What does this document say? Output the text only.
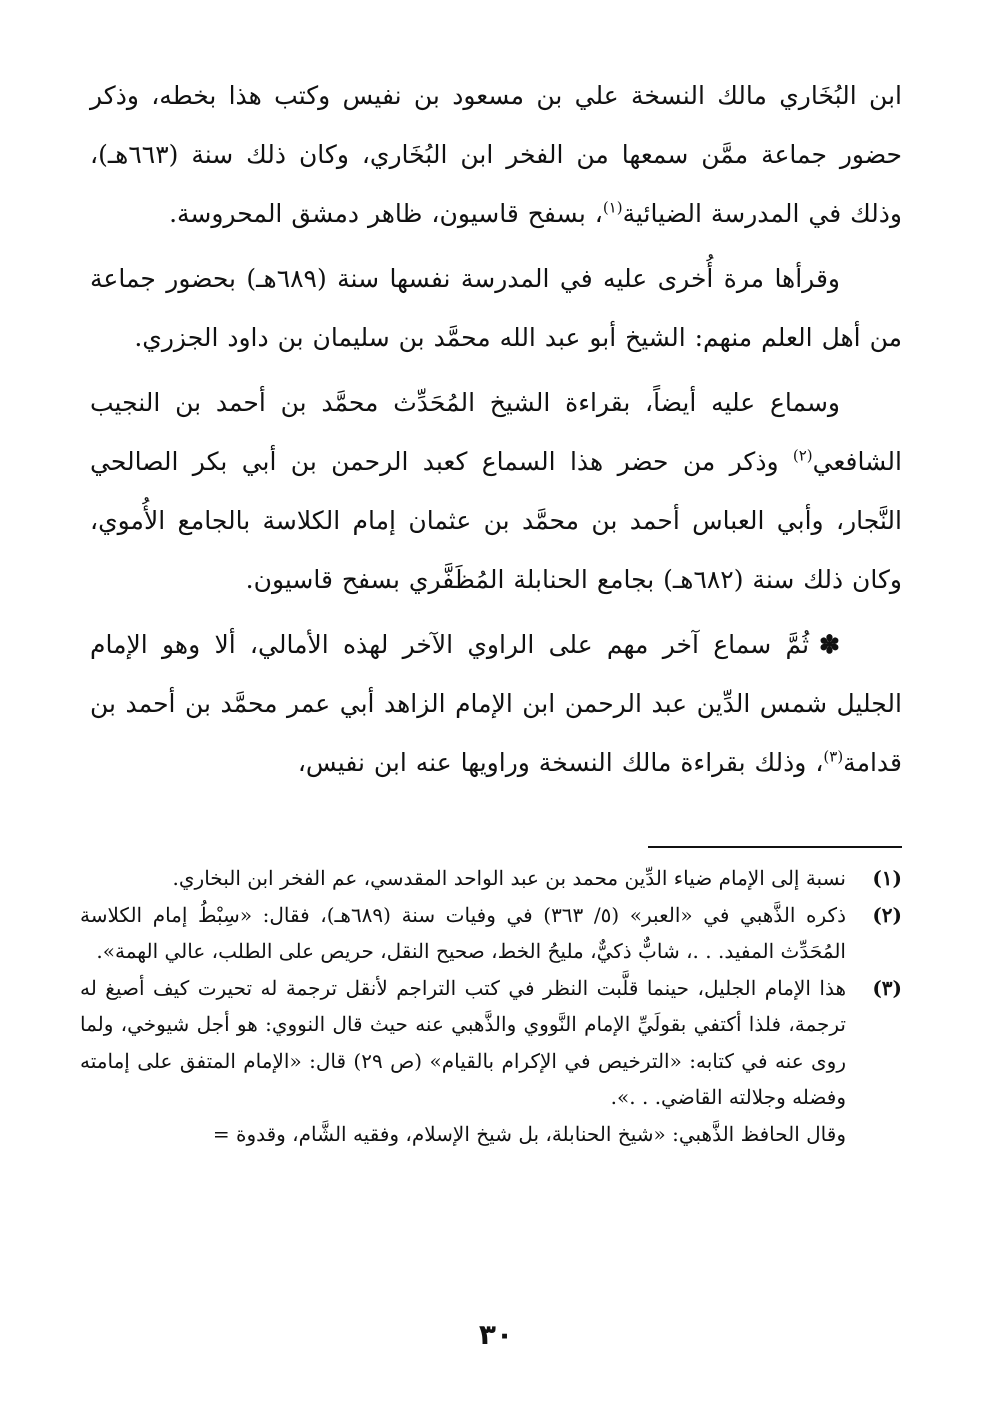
ابن البُخَاري مالك النسخة علي بن مسعود بن نفيس وكتب هذا بخطه، وذكر حضور جماعة ممَّن سمعها من الفخر ابن البُخَاري، وكان ذلك سنة (٦٦٣هـ)، وذلك في المدرسة الضيائية$^{(١)}$، بسفح قاسيون، ظاهر دمشق المحروسة.

وقرأها مرة أُخرى عليه في المدرسة نفسها سنة (٦٨٩هـ) بحضور جماعة من أهل العلم منهم: الشيخ أبو عبد الله محمَّد بن سليمان بن داود الجزري.

وسماع عليه أيضاً، بقراءة الشيخ المُحَدِّث محمَّد بن أحمد بن النجيب الشافعي$^{(٢)}$ وذكر من حضر هذا السماع كعبد الرحمن بن أبي بكر الصالحي النَّجار، وأبي العباس أحمد بن محمَّد بن عثمان إمام الكلاسة بالجامع الأُموي، وكان ذلك سنة (٦٨٢هـ) بجامع الحنابلة المُظَفَّري بسفح قاسيون.

✽ثُمَّ سماع آخر مهم على الراوي الآخر لهذه الأمالي، ألا وهو الإمام الجليل شمس الدِّين عبد الرحمن ابن الإمام الزاهد أبي عمر محمَّد بن أحمد بن قدامة$^{(٣)}$، وذلك بقراءة مالك النسخة وراويها عنه ابن نفيس،

(١)
نسبة إلى الإمام ضياء الدِّين محمد بن عبد الواحد المقدسي، عم الفخر ابن البخاري.
(٢)
ذكره الذَّهبي في «العبر» (٥/ ٣٦٣) في وفيات سنة (٦٨٩هـ)، فقال: «سِبْطُ إمام الكلاسة المُحَدِّث المفيد. . .، شابٌّ ذكيٌّ، مليحُ الخط، صحيح النقل، حريص على الطلب، عالي الهمة».
(٣)
هذا الإمام الجليل، حينما قلَّبت النظر في كتب التراجم لأنقل ترجمة له تحيرت كيف أصيغ له ترجمة، فلذا أكتفي بقولَيِّ الإمام النَّووي والذَّهبي عنه حيث قال النووي: هو أجل شيوخي، ولما روى عنه في كتابه: «الترخيص في الإكرام بالقيام» (ص ٢٩) قال: «الإمام المتفق على إمامته وفضله وجلالته القاضي. . .».
وقال الحافظ الذَّهبي: «شيخ الحنابلة، بل شيخ الإسلام، وفقيه الشَّام، وقدوة =
٣٠
